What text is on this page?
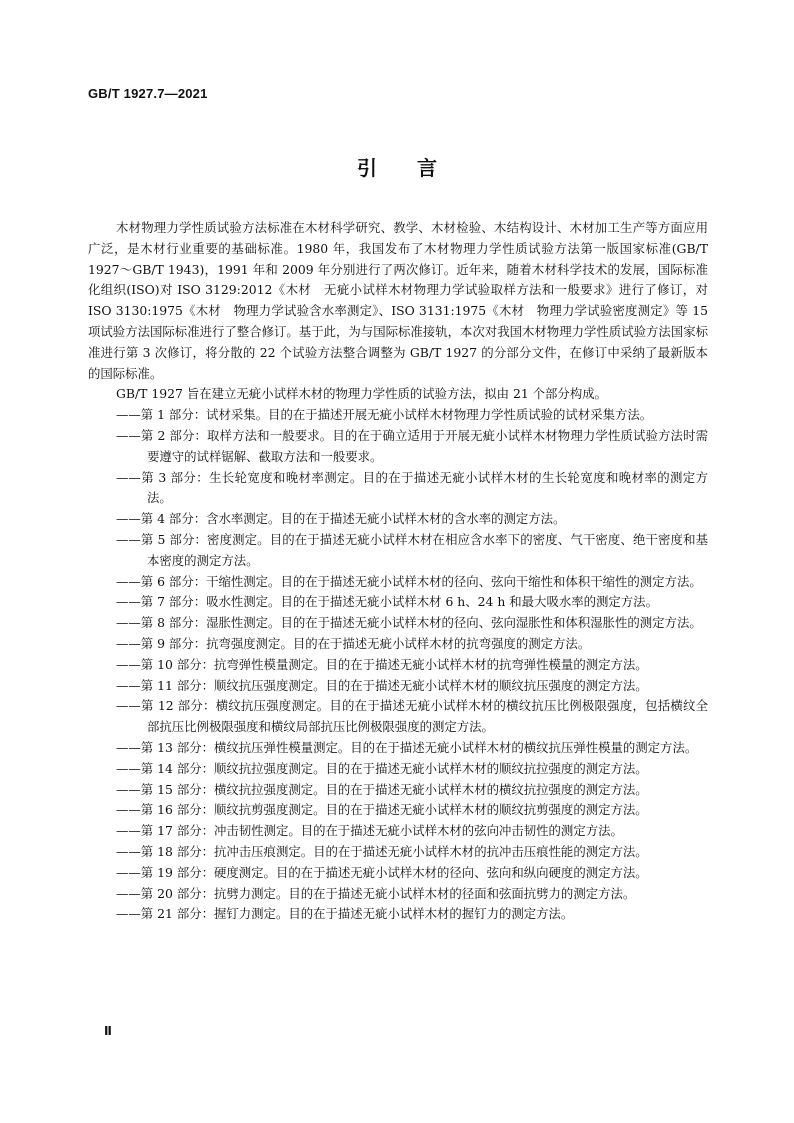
GB/T 1927.7—2021
引言

木材物理力学性质试验方法标准在木材科学研究、教学、木材检验、木结构设计、木材加工生产等方面应用广泛，是木材行业重要的基础标准。1980 年，我国发布了木材物理力学性质试验方法第一版国家标准(GB/T 1927～GB/T 1943)，1991 年和 2009 年分别进行了两次修订。近年来，随着木材科学技术的发展，国际标准化组织(ISO)对 ISO 3129:2012《木材　无疵小试样木材物理力学试验取样方法和一般要求》进行了修订，对 ISO 3130:1975《木材　物理力学试验含水率测定》、ISO 3131:1975《木材　物理力学试验密度测定》等 15 项试验方法国际标准进行了整合修订。基于此，为与国际标准接轨，本次对我国木材物理力学性质试验方法国家标准进行第 3 次修订，将分散的 22 个试验方法整合调整为 GB/T 1927 的分部分文件，在修订中采纳了最新版本的国际标准。

GB/T 1927 旨在建立无疵小试样木材的物理力学性质的试验方法，拟由 21 个部分构成。

——第 1 部分：试材采集。目的在于描述开展无疵小试样木材物理力学性质试验的试材采集方法。
——第 2 部分：取样方法和一般要求。目的在于确立适用于开展无疵小试样木材物理力学性质试验方法时需要遵守的试样锯解、截取方法和一般要求。
——第 3 部分：生长轮宽度和晚材率测定。目的在于描述无疵小试样木材的生长轮宽度和晚材率的测定方法。
——第 4 部分：含水率测定。目的在于描述无疵小试样木材的含水率的测定方法。
——第 5 部分：密度测定。目的在于描述无疵小试样木材在相应含水率下的密度、气干密度、绝干密度和基本密度的测定方法。
——第 6 部分：干缩性测定。目的在于描述无疵小试样木材的径向、弦向干缩性和体积干缩性的测定方法。
——第 7 部分：吸水性测定。目的在于描述无疵小试样木材 6 h、24 h 和最大吸水率的测定方法。
——第 8 部分：湿胀性测定。目的在于描述无疵小试样木材的径向、弦向湿胀性和体积湿胀性的测定方法。
——第 9 部分：抗弯强度测定。目的在于描述无疵小试样木材的抗弯强度的测定方法。
——第 10 部分：抗弯弹性模量测定。目的在于描述无疵小试样木材的抗弯弹性模量的测定方法。
——第 11 部分：顺纹抗压强度测定。目的在于描述无疵小试样木材的顺纹抗压强度的测定方法。
——第 12 部分：横纹抗压强度测定。目的在于描述无疵小试样木材的横纹抗压比例极限强度，包括横纹全部抗压比例极限强度和横纹局部抗压比例极限强度的测定方法。
——第 13 部分：横纹抗压弹性模量测定。目的在于描述无疵小试样木材的横纹抗压弹性模量的测定方法。
——第 14 部分：顺纹抗拉强度测定。目的在于描述无疵小试样木材的顺纹抗拉强度的测定方法。
——第 15 部分：横纹抗拉强度测定。目的在于描述无疵小试样木材的横纹抗拉强度的测定方法。
——第 16 部分：顺纹抗剪强度测定。目的在于描述无疵小试样木材的顺纹抗剪强度的测定方法。
——第 17 部分：冲击韧性测定。目的在于描述无疵小试样木材的弦向冲击韧性的测定方法。
——第 18 部分：抗冲击压痕测定。目的在于描述无疵小试样木材的抗冲击压痕性能的测定方法。
——第 19 部分：硬度测定。目的在于描述无疵小试样木材的径向、弦向和纵向硬度的测定方法。
——第 20 部分：抗劈力测定。目的在于描述无疵小试样木材的径面和弦面抗劈力的测定方法。
——第 21 部分：握钉力测定。目的在于描述无疵小试样木材的握钉力的测定方法。
Ⅱ
